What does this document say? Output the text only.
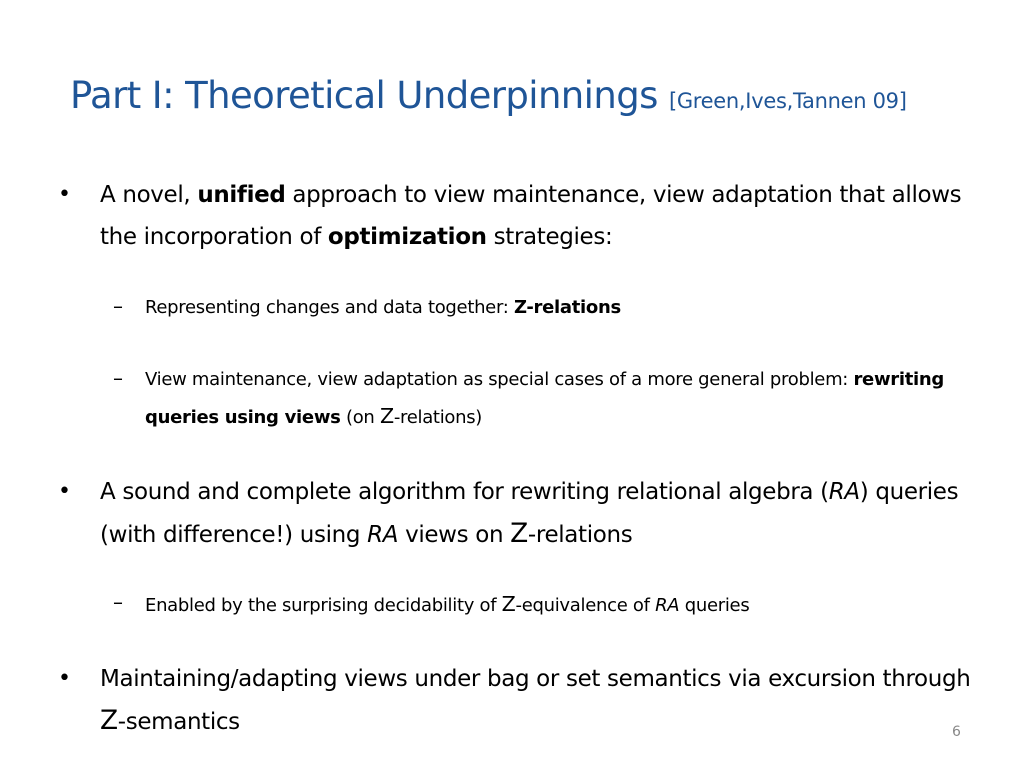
Part I: Theoretical Underpinnings [Green,Ives,Tannen 09]
• A novel, unified approach to view maintenance, view adaptation that allows the incorporation of optimization strategies:
– Representing changes and data together: Z-relations
– View maintenance, view adaptation as special cases of a more general problem: rewriting queries using views (on Z-relations)
• A sound and complete algorithm for rewriting relational algebra (RA) queries (with difference!) using RA views on Z-relations
– Enabled by the surprising decidability of Z-equivalence of RA queries
• Maintaining/adapting views under bag or set semantics via excursion through Z-semantics	6
